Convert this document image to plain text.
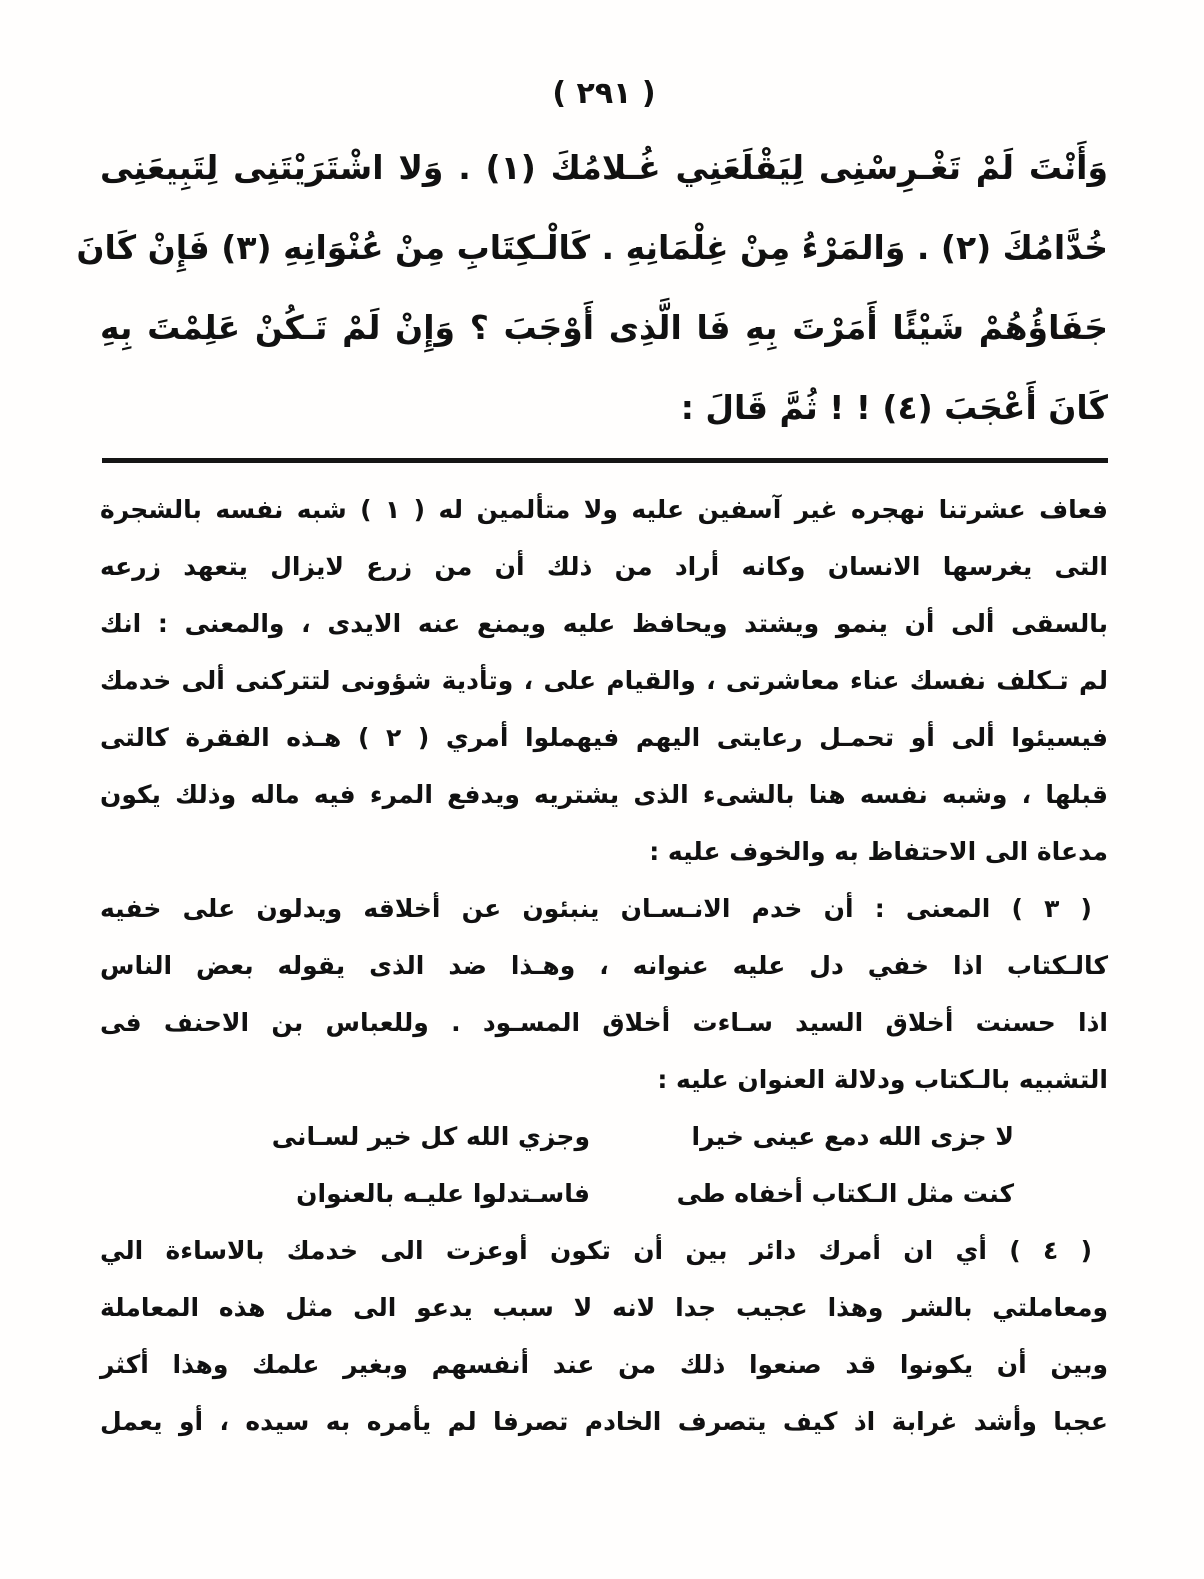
( ٢٩١ )
وَأَنْتَ لَمْ تَغْـرِسْنِى لِيَقْلَعَنِي غُـلامُكَ (١) . وَلا اشْتَرَيْتَنِى لِتَبِيعَنِى
خُدَّامُكَ (٢) . وَالمَرْءُ مِنْ غِلْمَانِهِ . كَالْـكِتَابِ مِنْ عُنْوَانِهِ (٣) فَإِنْ كَانَ
جَفَاؤُهُمْ شَيْئًا أَمَرْتَ بِهِ فَا الَّذِى أَوْجَبَ ؟ وَإِنْ لَمْ تَـكُنْ عَلِمْتَ بِهِ
كَانَ أَعْجَبَ (٤) ! ! ثُمَّ قَالَ :
فعاف عشرتنا نهجره غير آسفين عليه ولا متألمين له ( ١ ) شبه نفسه بالشجرة
التى يغرسها الانسان وكانه أراد من ذلك أن من زرع لايزال يتعهد زرعه
بالسقى ألى أن ينمو ويشتد ويحافظ عليه ويمنع عنه الايدى ، والمعنى : انك
لم تـكلف نفسك عناء معاشرتى ، والقيام على ، وتأدية شؤونى لتتركنى ألى خدمك
فيسيئوا ألى أو تحمـل رعايتى اليهم فيهملوا أمري ( ٢ ) هـذه الفقرة كالتى
قبلها ، وشبه نفسه هنا بالشىء الذى يشتريه ويدفع المرء فيه ماله وذلك يكون
مدعاة الى الاحتفاظ به والخوف عليه :
( ٣ ) المعنى : أن خدم الانـسـان ينبئون عن أخلاقه ويدلون على خفيه
كالـكتاب اذا خفي دل عليه عنوانه ، وهـذا ضد الذى يقوله بعض الناس
اذا حسنت أخلاق السيد سـاءت أخلاق المسـود . وللعباس بن الاحنف فى
التشبيه بالـكتاب ودلالة العنوان عليه :
لا جزى الله دمع عينى خيرا
وجزي الله كل خير لسـانى
كنت مثل الـكتاب أخفاه طى
فاسـتدلوا عليـه بالعنوان
( ٤ ) أي ان أمرك دائر بين أن تكون أوعزت الى خدمك بالاساءة الي
ومعاملتي بالشر وهذا عجيب جدا لانه لا سبب يدعو الى مثل هذه المعاملة
وبين أن يكونوا قد صنعوا ذلك من عند أنفسهم وبغير علمك وهذا أكثر
عجبا وأشد غرابة اذ كيف يتصرف الخادم تصرفا لم يأمره به سيده ، أو يعمل
